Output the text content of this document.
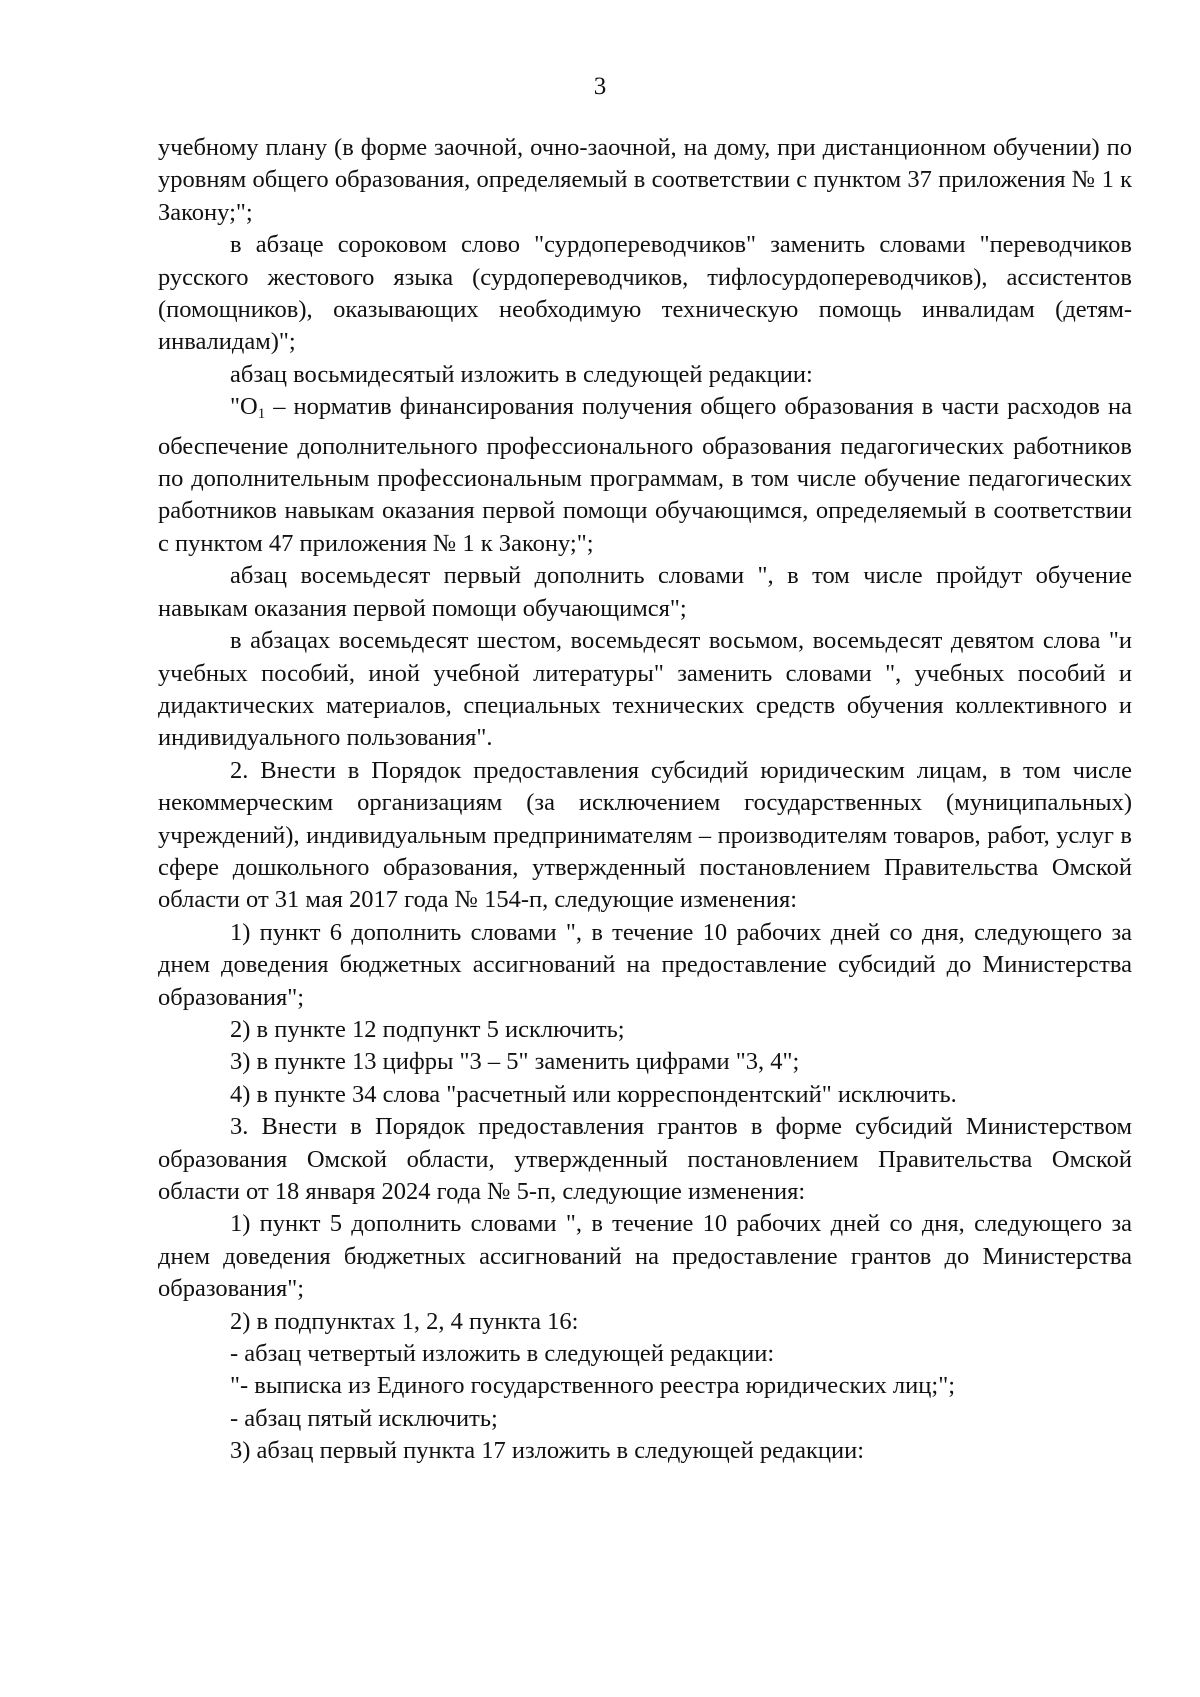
3

учебному плану (в форме заочной, очно-заочной, на дому, при дистанционном обучении) по уровням общего образования, определяемый в соответствии с пунктом 37 приложения № 1 к Закону;";

в абзаце сороковом слово "сурдопереводчиков" заменить словами "переводчиков русского жестового языка (сурдопереводчиков, тифлосурдопереводчиков), ассистентов (помощников), оказывающих необходимую техническую помощь инвалидам (детям-инвалидам)";

абзац восьмидесятый изложить в следующей редакции:

"$О_1$ – норматив финансирования получения общего образования в части расходов на обеспечение дополнительного профессионального образования педагогических работников по дополнительным профессиональным программам, в том числе обучение педагогических работников навыкам оказания первой помощи обучающимся, определяемый в соответствии с пунктом 47 приложения № 1 к Закону;";

абзац восемьдесят первый дополнить словами ", в том числе пройдут обучение навыкам оказания первой помощи обучающимся";

в абзацах восемьдесят шестом, восемьдесят восьмом, восемьдесят девятом слова "и учебных пособий, иной учебной литературы" заменить словами ", учебных пособий и дидактических материалов, специальных технических средств обучения коллективного и индивидуального пользования".

2. Внести в Порядок предоставления субсидий юридическим лицам, в том числе некоммерческим организациям (за исключением государственных (муниципальных) учреждений), индивидуальным предпринимателям – производителям товаров, работ, услуг в сфере дошкольного образования, утвержденный постановлением Правительства Омской области от 31 мая 2017 года № 154-п, следующие изменения:

1) пункт 6 дополнить словами ", в течение 10 рабочих дней со дня, следующего за днем доведения бюджетных ассигнований на предоставление субсидий до Министерства образования";

2) в пункте 12 подпункт 5 исключить;

3) в пункте 13 цифры "3 – 5" заменить цифрами "3, 4";

4) в пункте 34 слова "расчетный или корреспондентский" исключить.

3. Внести в Порядок предоставления грантов в форме субсидий Министерством образования Омской области, утвержденный постановлением Правительства Омской области от 18 января 2024 года № 5-п, следующие изменения:

1) пункт 5 дополнить словами ", в течение 10 рабочих дней со дня, следующего за днем доведения бюджетных ассигнований на предоставление грантов до Министерства образования";

2) в подпунктах 1, 2, 4 пункта 16:

- абзац четвертый изложить в следующей редакции:

"- выписка из Единого государственного реестра юридических лиц;";

- абзац пятый исключить;

3) абзац первый пункта 17 изложить в следующей редакции:
